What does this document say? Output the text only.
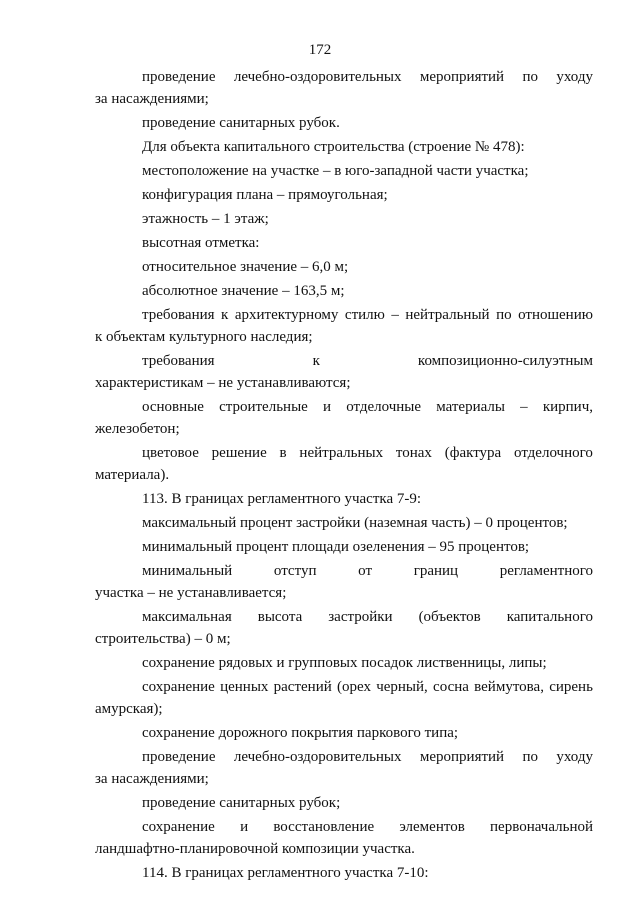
172
проведение лечебно-оздоровительных мероприятий по уходу
за насаждениями;
проведение санитарных рубок.
Для объекта капитального строительства (строение № 478):
местоположение на участке – в юго-западной части участка;
конфигурация плана – прямоугольная;
этажность – 1 этаж;
высотная отметка:
относительное значение – 6,0 м;
абсолютное значение – 163,5 м;
требования к архитектурному стилю – нейтральный по отношению
к объектам культурного наследия;
требования	к	композиционно-силуэтным
характеристикам – не устанавливаются;
основные строительные и отделочные материалы – кирпич,
железобетон;
цветовое решение в нейтральных тонах (фактура отделочного
материала).
113. В границах регламентного участка 7-9:
максимальный процент застройки (наземная часть) – 0 процентов;
минимальный процент площади озеленения – 95 процентов;
минимальный	отступ	от	границ	регламентного
участка – не устанавливается;
максимальная высота застройки (объектов капитального
строительства) – 0 м;
сохранение рядовых и групповых посадок лиственницы, липы;
сохранение ценных растений (орех черный, сосна веймутова, сирень
амурская);
сохранение дорожного покрытия паркового типа;
проведение лечебно-оздоровительных мероприятий по уходу
за насаждениями;
проведение санитарных рубок;
сохранение и восстановление элементов первоначальной
ландшафтно-планировочной композиции участка.
114. В границах регламентного участка 7-10:
